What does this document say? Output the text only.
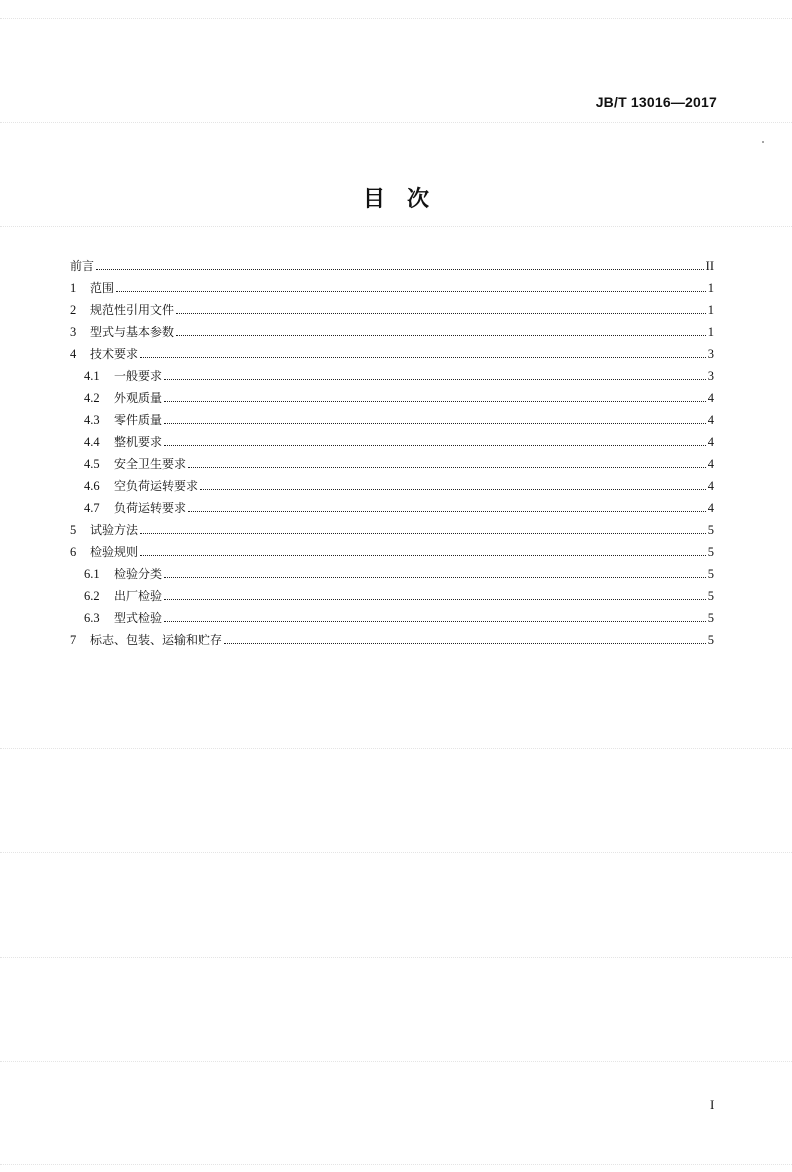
JB/T 13016—2017
目　次
前言	II
1	范围	1
2	规范性引用文件	1
3	型式与基本参数	1
4	技术要求	3
4.1	一般要求	3
4.2	外观质量	4
4.3	零件质量	4
4.4	整机要求	4
4.5	安全卫生要求	4
4.6	空负荷运转要求	4
4.7	负荷运转要求	4
5	试验方法	5
6	检验规则	5
6.1	检验分类	5
6.2	出厂检验	5
6.3	型式检验	5
7	标志、包装、运输和贮存	5
I
